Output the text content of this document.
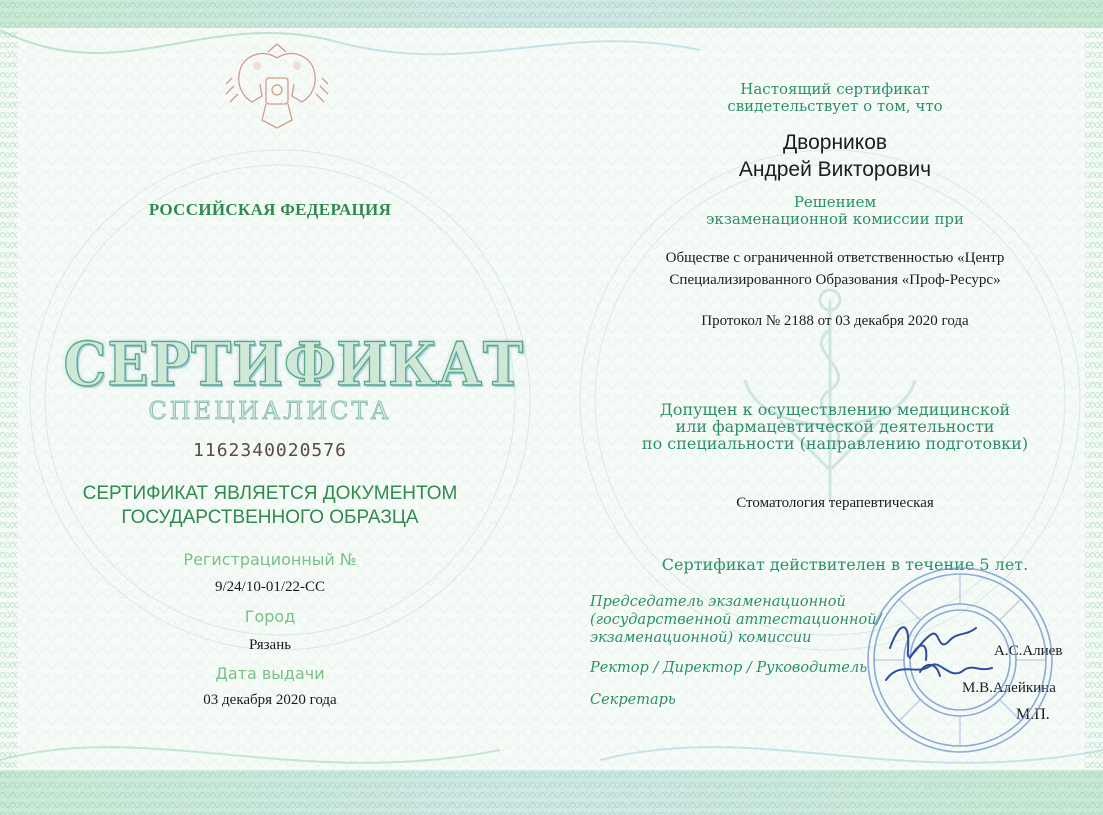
РОССИЙСКАЯ ФЕДЕРАЦИЯ
СЕРТИФИКАТ
СПЕЦИАЛИСТА
1162340020576
СЕРТИФИКАТ ЯВЛЯЕТСЯ ДОКУМЕНТОМ
ГОСУДАРСТВЕННОГО ОБРАЗЦА
Регистрационный №
9/24/10-01/22-СС
Город
Рязань
Дата выдачи
03 декабря 2020 года
Настоящий сертификат
свидетельствует о том, что
Дворников
Андрей Викторович
Решением
экзаменационной комиссии при
Обществе с ограниченной ответственностью «Центр
Специализированного Образования «Проф-Ресурс»
Протокол № 2188 от 03 декабря 2020 года
Допущен к осуществлению медицинской
или фармацевтической деятельности
по специальности (направлению подготовки)
Стоматология терапевтическая
Сертификат действителен в течение 5 лет.
Председатель экзаменационной
(государственной аттестационной/
экзаменационной) комиссии
А.С.Алиев
Ректор / Директор / Руководитель
М.В.Алейкина
Секретарь
М.П.
